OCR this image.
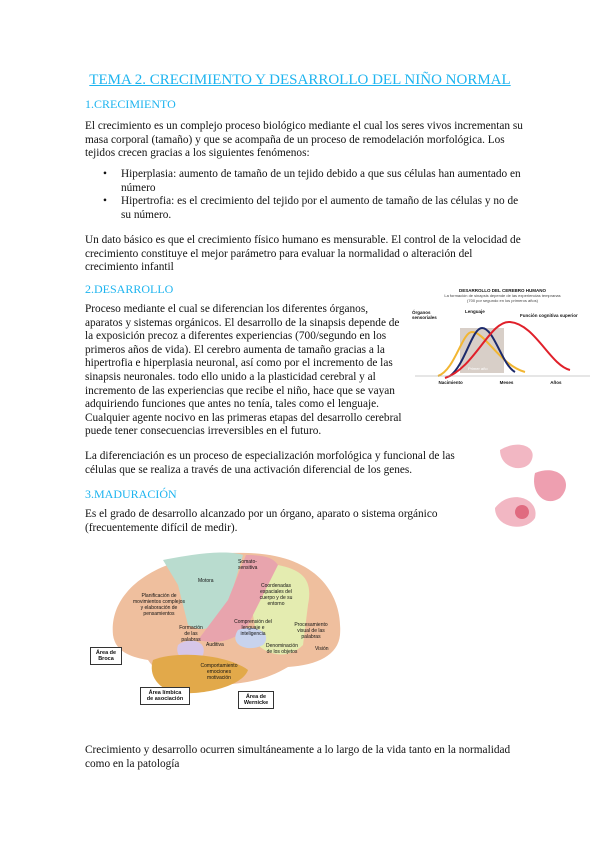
TEMA 2. CRECIMIENTO Y DESARROLLO DEL NIÑO NORMAL
1.CRECIMIENTO
El crecimiento es un complejo proceso biológico mediante el cual los seres vivos incrementan su masa corporal (tamaño) y que se acompaña de un proceso de remodelación morfológica. Los tejidos crecen gracias a los siguientes fenómenos:
• Hiperplasia: aumento de tamaño de un tejido debido a que sus células han aumentado en número
• Hipertrofia: es el crecimiento del tejido por el aumento de tamaño de las células y no de su número.
Un dato básico es que el crecimiento físico humano es mensurable. El control de la velocidad de crecimiento constituye el mejor parámetro para evaluar la normalidad o alteración del crecimiento infantil
2.DESARROLLO
Proceso mediante el cual se diferencian los diferentes órganos, aparatos y sistemas orgánicos. El desarrollo de la sinapsis depende de la exposición precoz a diferentes experiencias (700/segundo en los primeros años de vida). El cerebro aumenta de tamaño gracias a la hipertrofia e hiperplasia neuronal, así como por el incremento de las sinapsis neuronales. todo ello unido a la plasticidad cerebral y al incremento de las experiencias que recibe el niño, hace que se vayan adquiriendo funciones que antes no tenía, tales como el lenguaje. Cualquier agente nocivo en las primeras etapas del desarrollo cerebral puede tener consecuencias irreversibles en el futuro.
La diferenciación es un proceso de especialización morfológica y funcional de las células que se realiza a través de una activación diferencial de los genes.
3.MADURACIÓN
Es el grado de desarrollo alcanzado por un órgano, aparato o sistema orgánico (frecuentemente difícil de medir).
Crecimiento y desarrollo ocurren simultáneamente a lo largo de la vida tanto en la normalidad como en la patología
DESARROLLO DEL CEREBRO HUMANO
La formación de sinapsis depende de las experiencias tempranas (700 por segundo en los primeros años)
Órganos sensoriales
Lenguaje
Función cognitiva superior
Primer año
Nacimiento	Meses	Años
Motora
Somato-sensitiva
Planificación de movimientos complejos y elaboración de pensamientos
Coordenadas espaciales del cuerpo y de su entorno
Formación de las palabras
Comprensión del lenguaje e inteligencia
Procesamiento visual de las palabras
Auditiva	Denominación de los objetos	Visión
Comportamiento emociones motivación
Área de Broca
Área límbica de asociación	Área de Wernicke
